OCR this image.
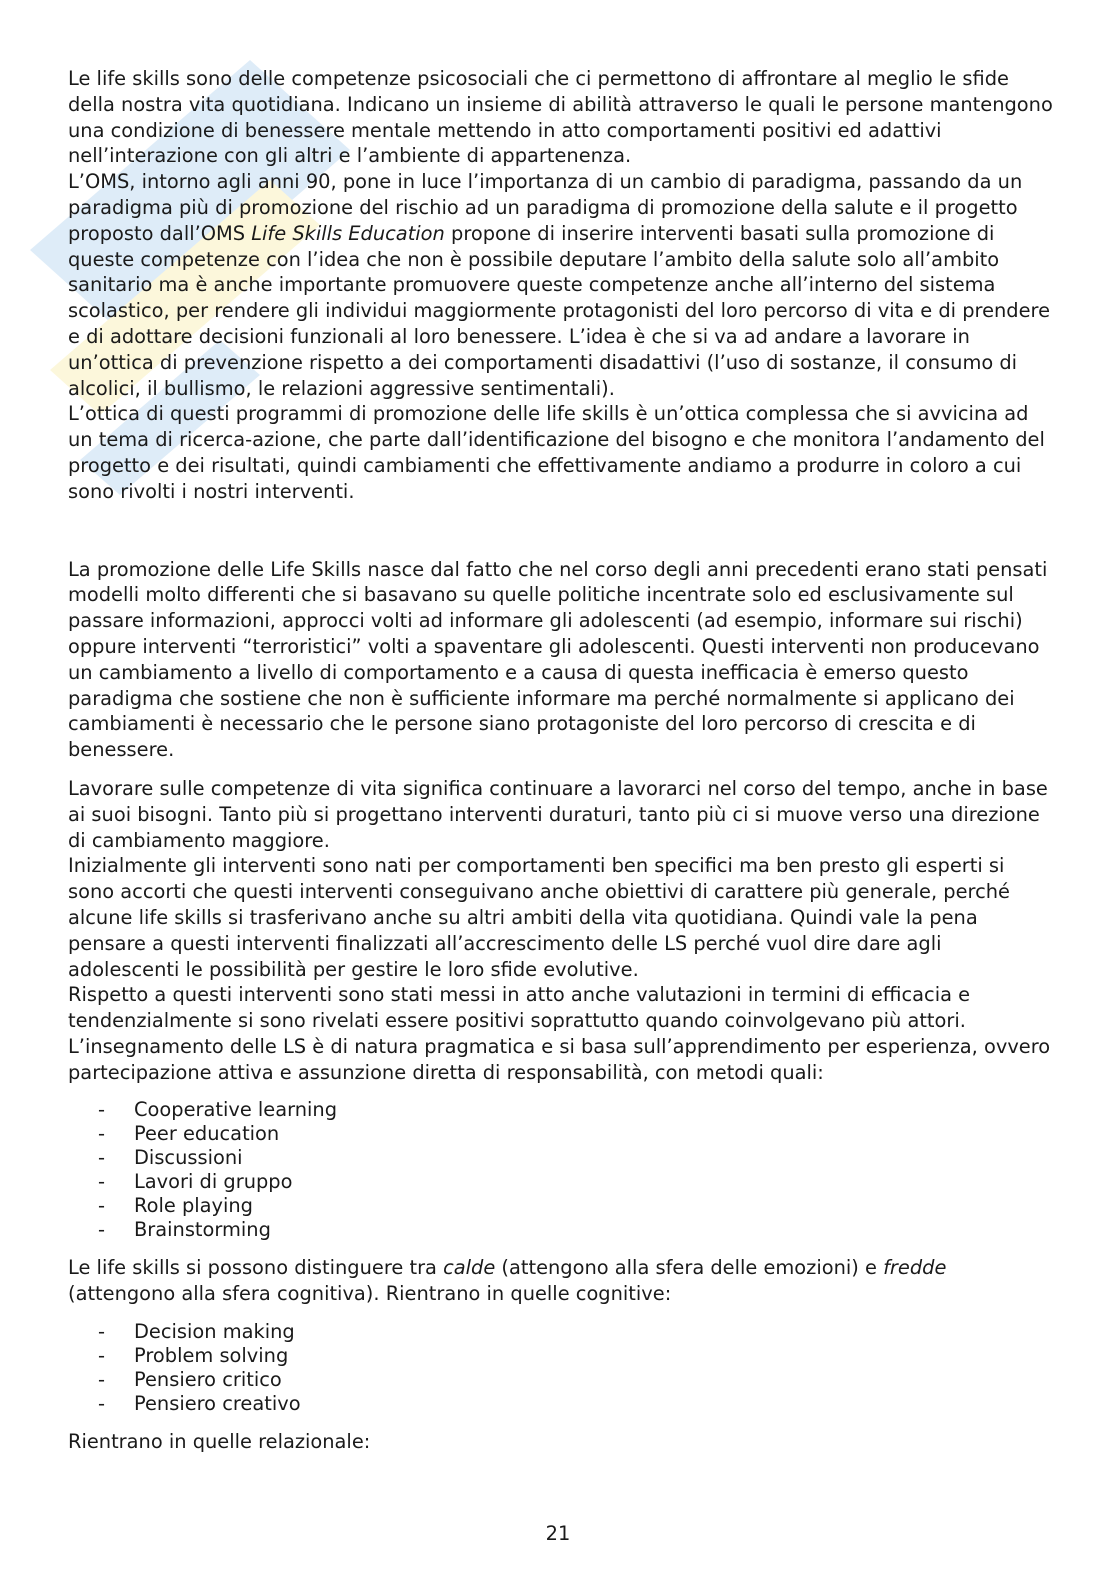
Le life skills sono delle competenze psicosociali che ci permettono di affrontare al meglio le sfide della nostra vita quotidiana. Indicano un insieme di abilità attraverso le quali le persone mantengono una condizione di benessere mentale mettendo in atto comportamenti positivi ed adattivi nell’interazione con gli altri e l’ambiente di appartenenza.

L’OMS, intorno agli anni 90, pone in luce l’importanza di un cambio di paradigma, passando da un paradigma più di promozione del rischio ad un paradigma di promozione della salute e il progetto proposto dall’OMS Life Skills Education propone di inserire interventi basati sulla promozione di queste competenze con l’idea che non è possibile deputare l’ambito della salute solo all’ambito sanitario ma è anche importante promuovere queste competenze anche all’interno del sistema scolastico, per rendere gli individui maggiormente protagonisti del loro percorso di vita e di prendere e di adottare decisioni funzionali al loro benessere. L’idea è che si va ad andare a lavorare in un’ottica di prevenzione rispetto a dei comportamenti disadattivi (l’uso di sostanze, il consumo di alcolici, il bullismo, le relazioni aggressive sentimentali).

L’ottica di questi programmi di promozione delle life skills è un’ottica complessa che si avvicina ad un tema di ricerca-azione, che parte dall’identificazione del bisogno e che monitora l’andamento del progetto e dei risultati, quindi cambiamenti che effettivamente andiamo a produrre in coloro a cui sono rivolti i nostri interventi.

La promozione delle Life Skills nasce dal fatto che nel corso degli anni precedenti erano stati pensati modelli molto differenti che si basavano su quelle politiche incentrate solo ed esclusivamente sul passare informazioni, approcci volti ad informare gli adolescenti (ad esempio, informare sui rischi) oppure interventi “terroristici” volti a spaventare gli adolescenti. Questi interventi non producevano un cambiamento a livello di comportamento e a causa di questa inefficacia è emerso questo paradigma che sostiene che non è sufficiente informare ma perché normalmente si applicano dei cambiamenti è necessario che le persone siano protagoniste del loro percorso di crescita e di benessere.

Lavorare sulle competenze di vita significa continuare a lavorarci nel corso del tempo, anche in base ai suoi bisogni. Tanto più si progettano interventi duraturi, tanto più ci si muove verso una direzione di cambiamento maggiore.

Inizialmente gli interventi sono nati per comportamenti ben specifici ma ben presto gli esperti si sono accorti che questi interventi conseguivano anche obiettivi di carattere più generale, perché alcune life skills si trasferivano anche su altri ambiti della vita quotidiana. Quindi vale la pena pensare a questi interventi finalizzati all’accrescimento delle LS perché vuol dire dare agli adolescenti le possibilità per gestire le loro sfide evolutive.

Rispetto a questi interventi sono stati messi in atto anche valutazioni in termini di efficacia e tendenzialmente si sono rivelati essere positivi soprattutto quando coinvolgevano più attori.

L’insegnamento delle LS è di natura pragmatica e si basa sull’apprendimento per esperienza, ovvero partecipazione attiva e assunzione diretta di responsabilità, con metodi quali:

- Cooperative learning
- Peer education
- Discussioni
- Lavori di gruppo
- Role playing
- Brainstorming

Le life skills si possono distinguere tra calde (attengono alla sfera delle emozioni) e fredde (attengono alla sfera cognitiva). Rientrano in quelle cognitive:

- Decision making
- Problem solving
- Pensiero critico
- Pensiero creativo

Rientrano in quelle relazionale:

21
